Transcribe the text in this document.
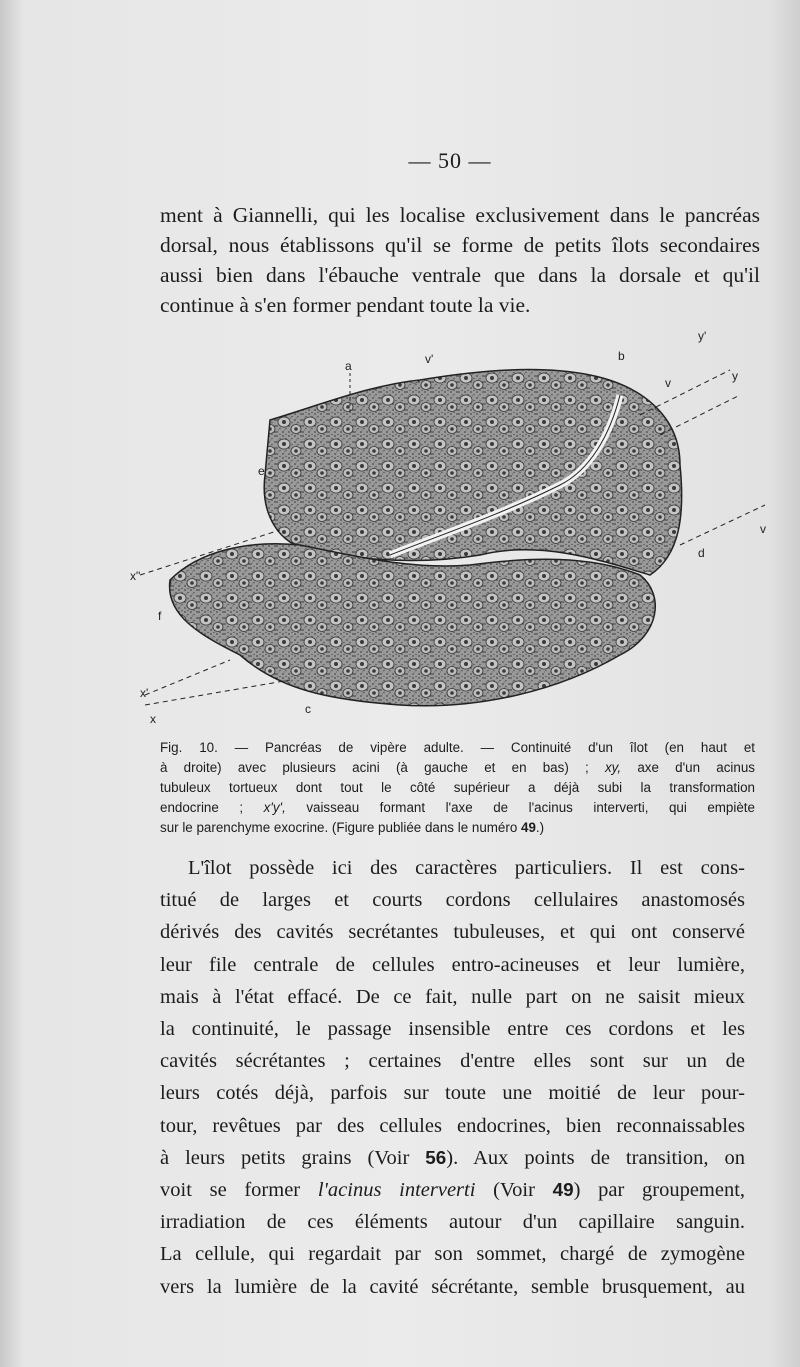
— 50 —
ment à Giannelli, qui les localise exclusivement dans le pancréas
dorsal, nous établissons qu'il se forme de petits îlots secondaires
aussi bien dans l'ébauche ventrale que dans la dorsale et qu'il
continue à s'en former pendant toute la vie.
a	v'	b
y'
v	y
e
d
v
x"
f
x'
x
c
Fig. 10. — Pancréas de vipère adulte. — Continuité d'un îlot (en haut et
à droite) avec plusieurs acini (à gauche et en bas) ; xy, axe d'un acinus
tubuleux tortueux dont tout le côté supérieur a déjà subi la transformation
endocrine ; x'y', vaisseau formant l'axe de l'acinus interverti, qui empiète
sur le parenchyme exocrine. (Figure publiée dans le numéro 49.)
L'îlot possède ici des caractères particuliers. Il est cons-
titué de larges et courts cordons cellulaires anastomosés
dérivés des cavités secrétantes tubuleuses, et qui ont conservé
leur file centrale de cellules entro-acineuses et leur lumière,
mais à l'état effacé. De ce fait, nulle part on ne saisit mieux
la continuité, le passage insensible entre ces cordons et les
cavités sécrétantes ; certaines d'entre elles sont sur un de
leurs cotés déjà, parfois sur toute une moitié de leur pour-
tour, revêtues par des cellules endocrines, bien reconnaissables
à leurs petits grains (Voir 56). Aux points de transition, on
voit se former l'acinus interverti (Voir 49) par groupement,
irradiation de ces éléments autour d'un capillaire sanguin.
La cellule, qui regardait par son sommet, chargé de zymogène
vers la lumière de la cavité sécrétante, semble brusquement, au
